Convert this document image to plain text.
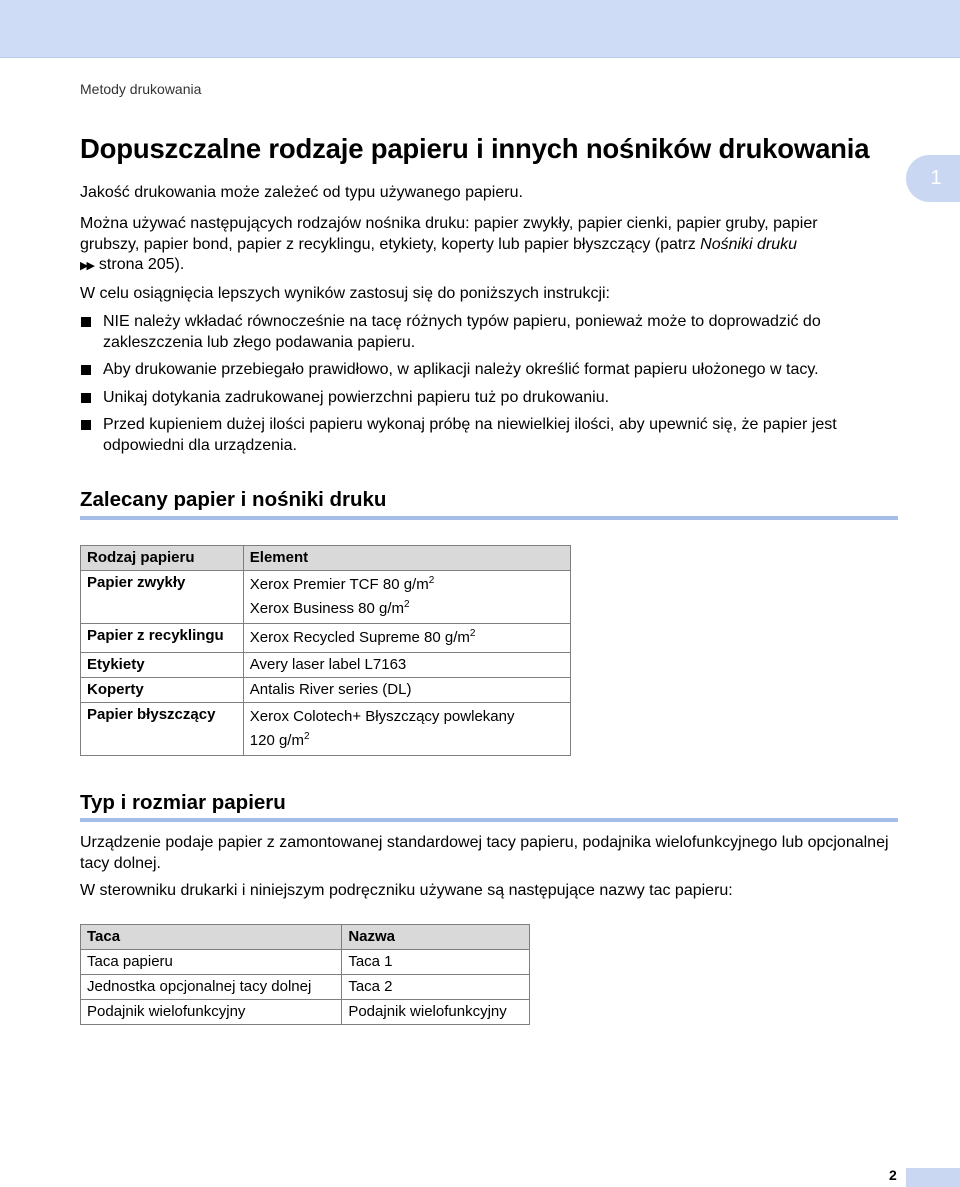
Metody drukowania
1
Dopuszczalne rodzaje papieru i innych nośników drukowania

Jakość drukowania może zależeć od typu używanego papieru.

Można używać następujących rodzajów nośnika druku: papier zwykły, papier cienki, papier gruby, papier grubszy, papier bond, papier z recyklingu, etykiety, koperty lub papier błyszczący (patrz Nośniki druku
▶▶ strona 205).

W celu osiągnięcia lepszych wyników zastosuj się do poniższych instrukcji:

NIE należy wkładać równocześnie na tacę różnych typów papieru, ponieważ może to doprowadzić do zakleszczenia lub złego podawania papieru.
Aby drukowanie przebiegało prawidłowo, w aplikacji należy określić format papieru ułożonego w tacy.
Unikaj dotykania zadrukowanej powierzchni papieru tuż po drukowaniu.
Przed kupieniem dużej ilości papieru wykonaj próbę na niewielkiej ilości, aby upewnić się, że papier jest odpowiedni dla urządzenia.
Zalecany papier i nośniki druku
Rodzaj papieru	Element
Papier zwykły	Xerox Premier TCF 80 $g/m^2$
Xerox Business 80 $g/m^2$

Papier z recyklingu	Xerox Recycled Supreme 80 $g/m^2$

Etykiety	Avery laser label L7163
Koperty	Antalis River series (DL)
Papier błyszczący	Xerox Colotech+ Błyszczący powlekany
120 $g/m^2$
Typ i rozmiar papieru

Urządzenie podaje papier z zamontowanej standardowej tacy papieru, podajnika wielofunkcyjnego lub opcjonalnej tacy dolnej.

W sterowniku drukarki i niniejszym podręczniku używane są następujące nazwy tac papieru:

Taca	Nazwa
Taca papieru	Taca 1
Jednostka opcjonalnej tacy dolnej	Taca 2
Podajnik wielofunkcyjny	Podajnik wielofunkcyjny
2
